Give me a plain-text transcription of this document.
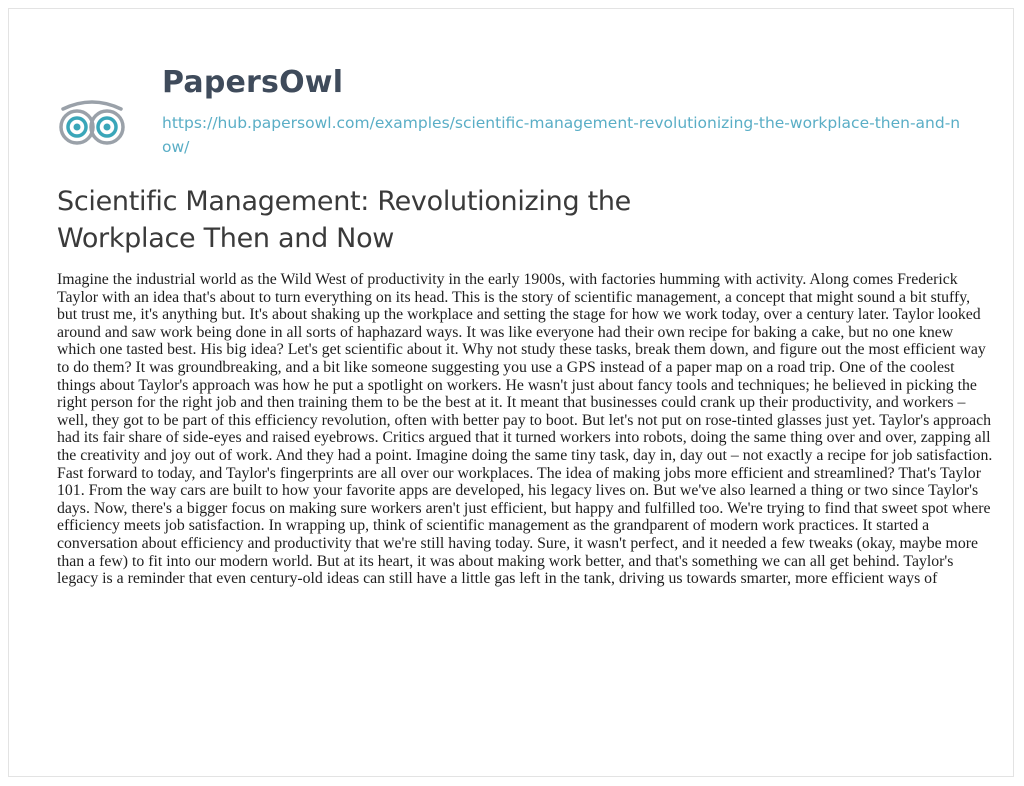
PapersOwl
https://hub.papersowl.com/examples/scientific-management-revolutionizing-the-workplace-then-and-now/
Scientific Management: Revolutionizing the Workplace Then and Now

Imagine the industrial world as the Wild West of productivity in the early 1900s, with factories humming with activity. Along comes Frederick Taylor with an idea that's about to turn everything on its head. This is the story of scientific management, a concept that might sound a bit stuffy, but trust me, it's anything but. It's about shaking up the workplace and setting the stage for how we work today, over a century later. Taylor looked around and saw work being done in all sorts of haphazard ways. It was like everyone had their own recipe for baking a cake, but no one knew which one tasted best. His big idea? Let's get scientific about it. Why not study these tasks, break them down, and figure out the most efficient way to do them? It was groundbreaking, and a bit like someone suggesting you use a GPS instead of a paper map on a road trip. One of the coolest things about Taylor's approach was how he put a spotlight on workers. He wasn't just about fancy tools and techniques; he believed in picking the right person for the right job and then training them to be the best at it. It meant that businesses could crank up their productivity, and workers – well, they got to be part of this efficiency revolution, often with better pay to boot. But let's not put on rose-tinted glasses just yet. Taylor's approach had its fair share of side-eyes and raised eyebrows. Critics argued that it turned workers into robots, doing the same thing over and over, zapping all the creativity and joy out of work. And they had a point. Imagine doing the same tiny task, day in, day out – not exactly a recipe for job satisfaction. Fast forward to today, and Taylor's fingerprints are all over our workplaces. The idea of making jobs more efficient and streamlined? That's Taylor 101. From the way cars are built to how your favorite apps are developed, his legacy lives on. But we've also learned a thing or two since Taylor's days. Now, there's a bigger focus on making sure workers aren't just efficient, but happy and fulfilled too. We're trying to find that sweet spot where efficiency meets job satisfaction. In wrapping up, think of scientific management as the grandparent of modern work practices. It started a conversation about efficiency and productivity that we're still having today. Sure, it wasn't perfect, and it needed a few tweaks (okay, maybe more than a few) to fit into our modern world. But at its heart, it was about making work better, and that's something we can all get behind. Taylor's legacy is a reminder that even century-old ideas can still have a little gas left in the tank, driving us towards smarter, more efficient ways of
